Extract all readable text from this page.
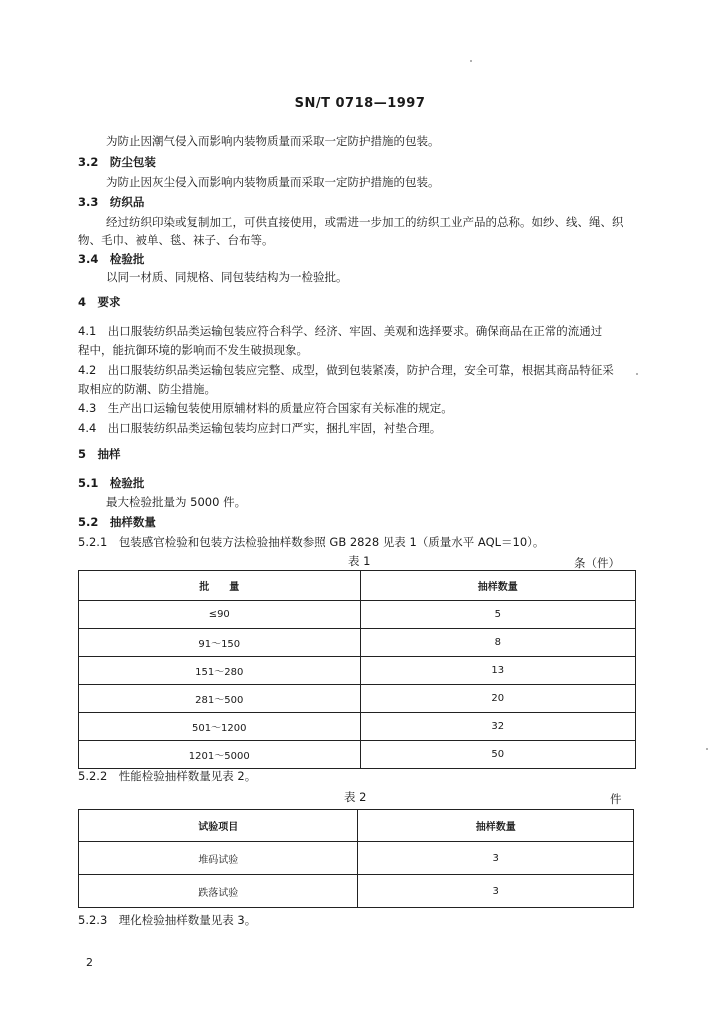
SN/T 0718—1997
为防止因潮气侵入而影响内装物质量而采取一定防护措施的包装。
3.2　防尘包装
为防止因灰尘侵入而影响内装物质量而采取一定防护措施的包装。
3.3　纺织品
经过纺织印染或复制加工，可供直接使用，或需进一步加工的纺织工业产品的总称。如纱、线、绳、织
物、毛巾、被单、毯、袜子、台布等。
3.4　检验批
以同一材质、同规格、同包装结构为一检验批。
4　要求
4.1　出口服装纺织品类运输包装应符合科学、经济、牢固、美观和选择要求。确保商品在正常的流通过
程中，能抗御环境的影响而不发生破损现象。
4.2　出口服装纺织品类运输包装应完整、成型，做到包装紧凑，防护合理，安全可靠，根据其商品特征采
取相应的防潮、防尘措施。
4.3　生产出口运输包装使用原辅材料的质量应符合国家有关标准的规定。
4.4　出口服装纺织品类运输包装均应封口严实，捆扎牢固，衬垫合理。
5　抽样
5.1　检验批
最大检验批量为 5000 件。
5.2　抽样数量
5.2.1　包装感官检验和包装方法检验抽样数参照 GB 2828 见表 1（质量水平 AQL＝10）。
表 1	条（件）
批　　量	抽样数量
≤90	5
91～150	8
151～280	13
281～500	20
501～1200	32
1201～5000	50
5.2.2　性能检验抽样数量见表 2。
表 2	件
试验项目	抽样数量
堆码试验	3
跌落试验	3
5.2.3　理化检验抽样数量见表 3。
2
